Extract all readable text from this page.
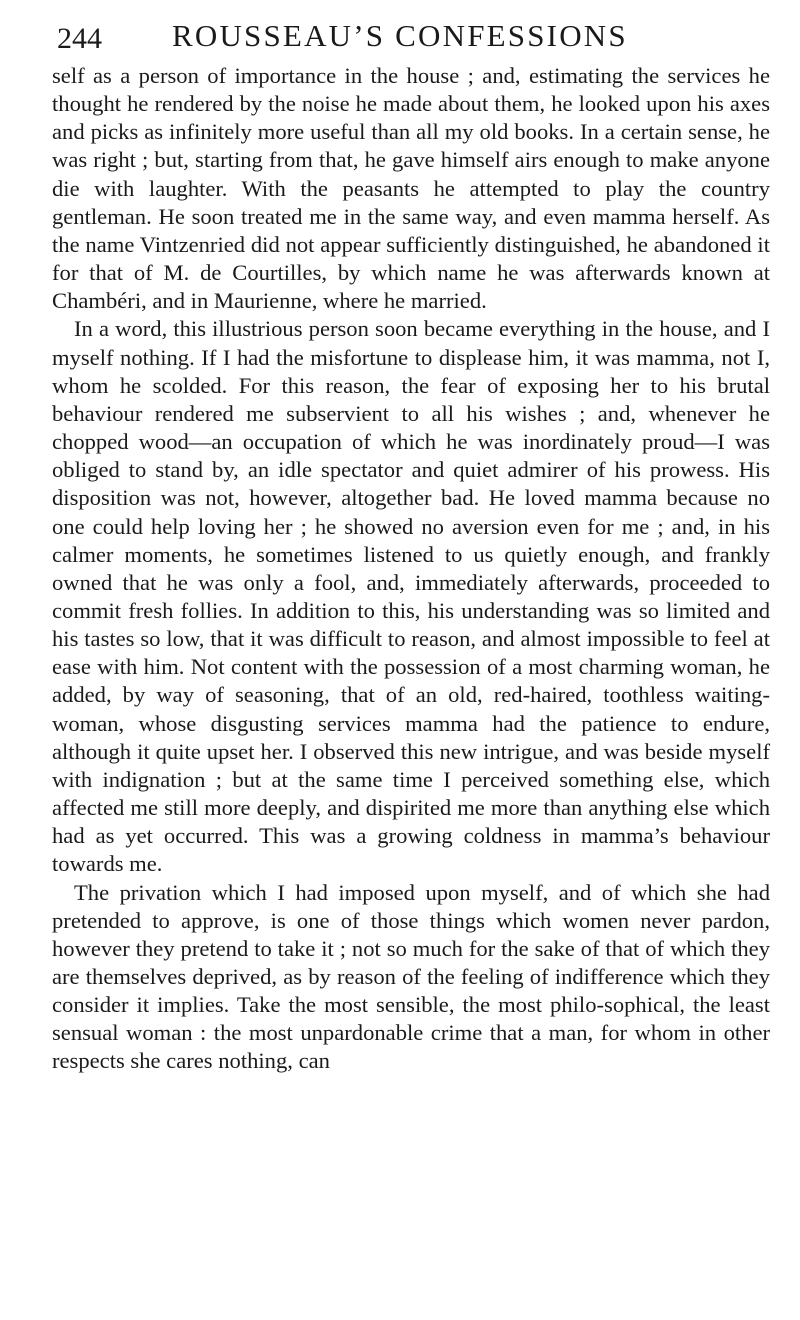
244 ROUSSEAU’S CONFESSIONS

self as a person of importance in the house ; and, estimating the services he thought he rendered by the noise he made about them, he looked upon his axes and picks as infinitely more useful than all my old books. In a certain sense, he was right ; but, starting from that, he gave himself airs enough to make anyone die with laughter. With the peasants he attempted to play the country gentleman. He soon treated me in the same way, and even mamma herself. As the name Vintzenried did not appear sufficiently distinguished, he abandoned it for that of M. de Courtilles, by which name he was afterwards known at Chambéri, and in Maurienne, where he married.

In a word, this illustrious person soon became everything in the house, and I myself nothing. If I had the misfortune to displease him, it was mamma, not I, whom he scolded. For this reason, the fear of exposing her to his brutal behaviour rendered me subservient to all his wishes ; and, whenever he chopped wood—an occupation of which he was inordinately proud—I was obliged to stand by, an idle spectator and quiet admirer of his prowess. His disposition was not, however, altogether bad. He loved mamma because no one could help loving her ; he showed no aversion even for me ; and, in his calmer moments, he sometimes listened to us quietly enough, and frankly owned that he was only a fool, and, immediately afterwards, proceeded to commit fresh follies. In addition to this, his understanding was so limited and his tastes so low, that it was difficult to reason, and almost impossible to feel at ease with him. Not content with the possession of a most charming woman, he added, by way of seasoning, that of an old, red-haired, toothless waiting-woman, whose disgusting services mamma had the patience to endure, although it quite upset her. I observed this new intrigue, and was beside myself with indignation ; but at the same time I perceived something else, which affected me still more deeply, and dispirited me more than anything else which had as yet occurred. This was a growing coldness in mamma’s behaviour towards me.

The privation which I had imposed upon myself, and of which she had pretended to approve, is one of those things which women never pardon, however they pretend to take it ; not so much for the sake of that of which they are themselves deprived, as by reason of the feeling of indifference which they consider it implies. Take the most sensible, the most philo-sophical, the least sensual woman : the most unpardonable crime that a man, for whom in other respects she cares nothing, can
